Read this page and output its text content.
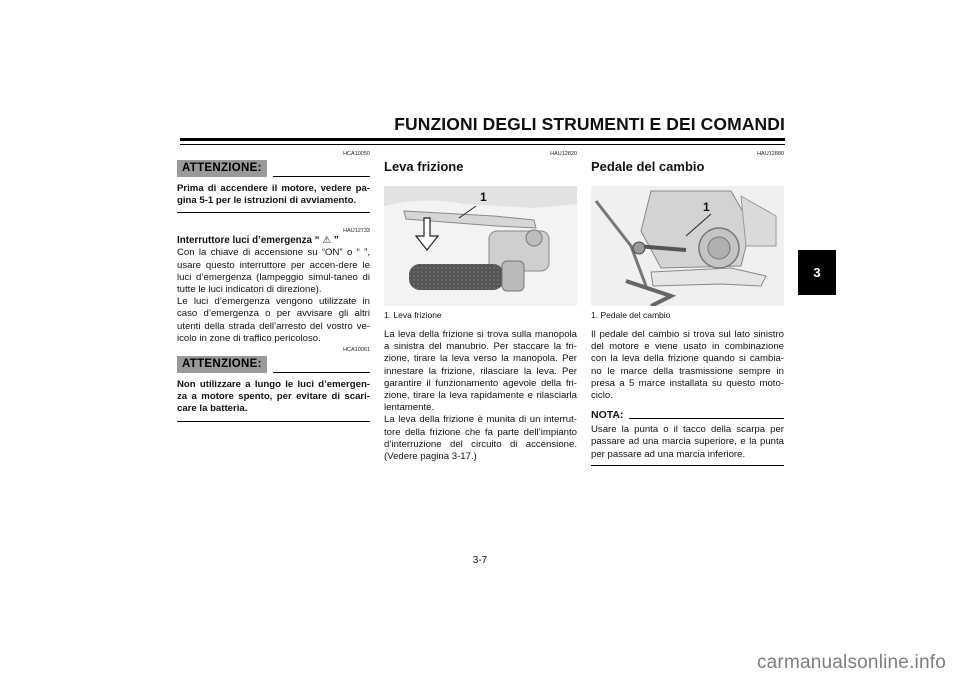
FUNZIONI DEGLI STRUMENTI E DEI COMANDI
3
HCA10050
ATTENZIONE:
Prima di accendere il motore, vedere pa-gina 5-1 per le istruzioni di avviamento.
HAU12733
Interruttore luci d’emergenza “ ⚠ ”

Con la chiave di accensione su “ON” o “ ”, usare questo interruttore per accen-dere le luci d’emergenza (lampeggio simul-taneo di tutte le luci indicatori di direzione).

Le luci d’emergenza vengono utilizzate in caso d’emergenza o per avvisare gli altri utenti della strada dell’arresto del vostro ve-icolo in zone di traffico pericoloso.

HCA10061
ATTENZIONE:
Non utilizzare a lungo le luci d’emergen-za a motore spento, per evitare di scari-care la batteria.
HAU12820
Leva frizione
1
1. Leva frizione

La leva della frizione si trova sulla manopola a sinistra del manubrio. Per staccare la fri-zione, tirare la leva verso la manopola. Per innestare la frizione, rilasciare la leva. Per garantire il funzionamento agevole della fri-zione, tirare la leva rapidamente e rilasciarla lentamente.

La leva della frizione è munita di un interrut-tore della frizione che fa parte dell’impianto d’interruzione del circuito di accensione. (Vedere pagina 3-17.)

HAU12880
Pedale del cambio
1
1. Pedale del cambio

Il pedale del cambio si trova sul lato sinistro del motore e viene usato in combinazione con la leva della frizione quando si cambia-no le marce della trasmissione sempre in presa a 5 marce installata su questo moto-ciclo.

NOTA:
Usare la punta o il tacco della scarpa per passare ad una marcia superiore, e la punta per passare ad una marcia inferiore.
3-7
carmanualsonline.info
